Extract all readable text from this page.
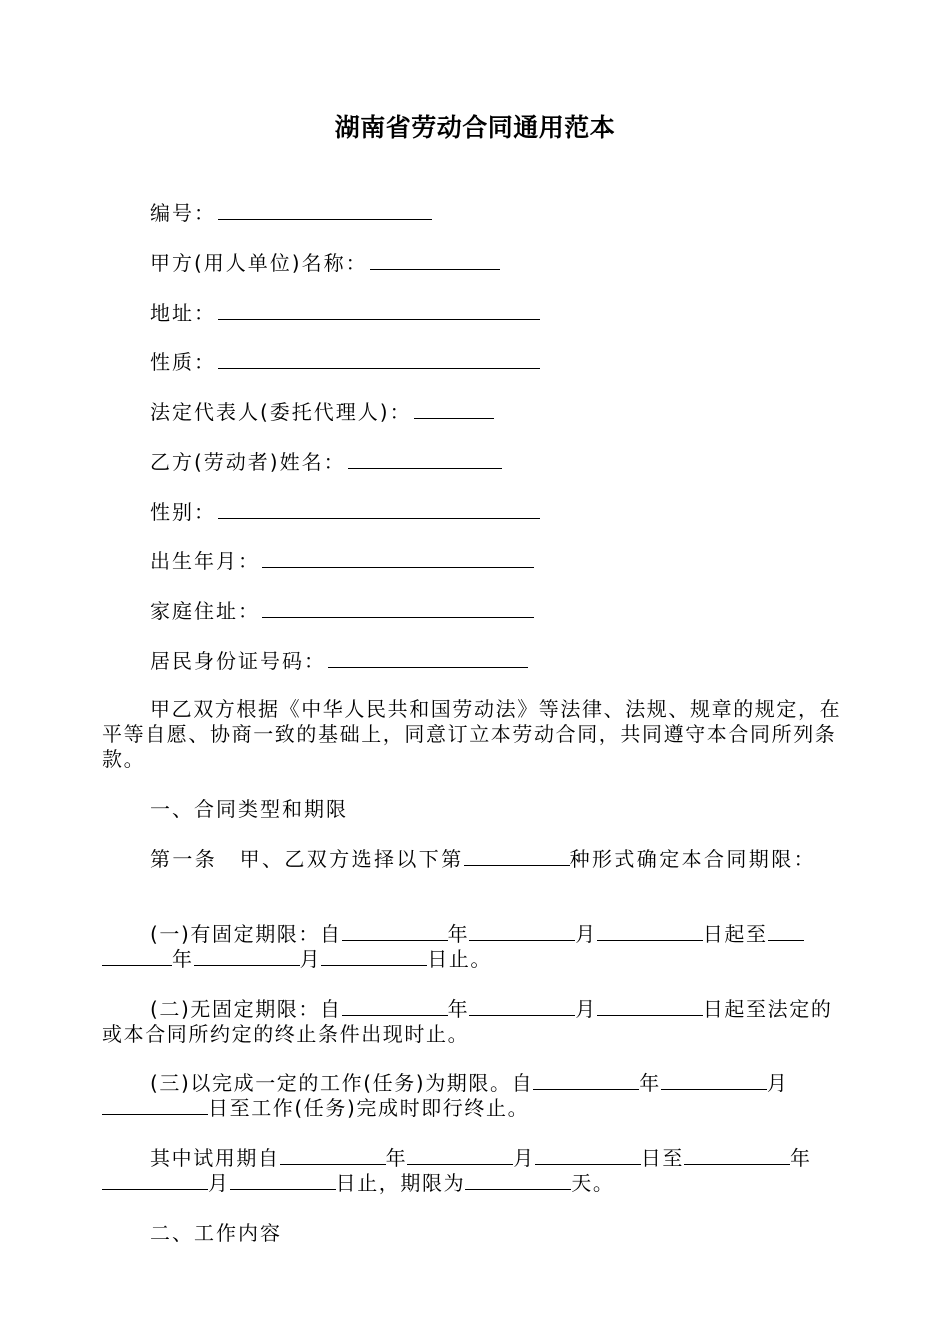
湖南省劳动合同通用范本
编号：
甲方(用人单位)名称：
地址：
性质：
法定代表人(委托代理人)：
乙方(劳动者)姓名：
性别：
出生年月：
家庭住址：
居民身份证号码：
甲乙双方根据《中华人民共和国劳动法》等法律、法规、规章的规定，在平等自愿、协商一致的基础上，同意订立本劳动合同，共同遵守本合同所列条款。
一、合同类型和期限
第一条　甲、乙双方选择以下第	种形式确定本合同期限：
(一)有固定期限：自	年	月	日起至年	月	日止。
(二)无固定期限：自	年	月	日起至法定的或本合同所约定的终止条件出现时止。
(三)以完成一定的工作(任务)为期限。自	年	月日至工作(任务)完成时即行终止。
其中试用期自	年	月	日至	年月	日止，期限为	天。
二、工作内容
